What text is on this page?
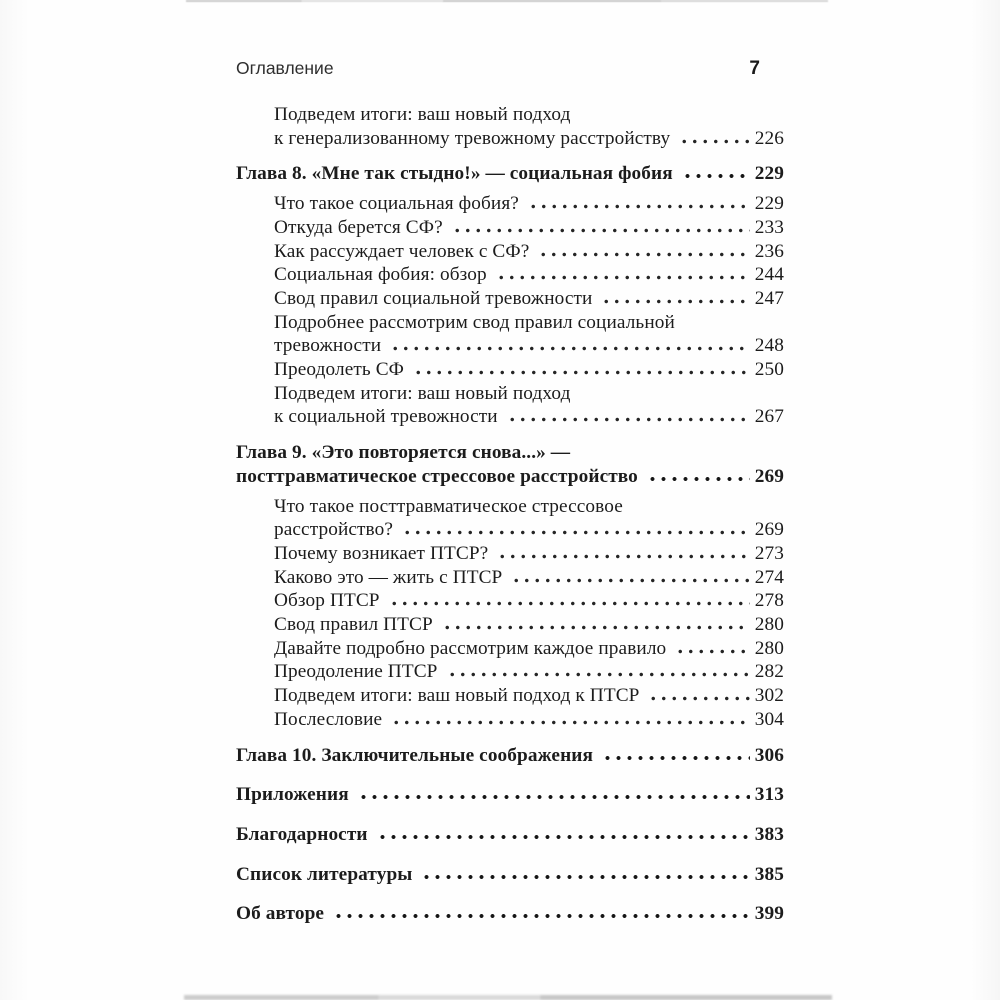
Оглавление	7
Подведем итоги: ваш новый подход
к генерализованному тревожному расстройству	226
Глава 8. «Мне так стыдно!» — социальная фобия	229
Что такое социальная фобия?	229
Откуда берется СФ?	233
Как рассуждает человек с СФ?	236
Социальная фобия: обзор	244
Свод правил социальной тревожности	247
Подробнее рассмотрим свод правил социальной
тревожности	248
Преодолеть СФ	250
Подведем итоги: ваш новый подход
к социальной тревожности	267
Глава 9. «Это повторяется снова...» —
посттравматическое стрессовое расстройство	269
Что такое посттравматическое стрессовое
расстройство?	269
Почему возникает ПТСР?	273
Каково это — жить с ПТСР	274
Обзор ПТСР	278
Свод правил ПТСР	280
Давайте подробно рассмотрим каждое правило	280
Преодоление ПТСР	282
Подведем итоги: ваш новый подход к ПТСР	302
Послесловие	304
Глава 10. Заключительные соображения	306
Приложения	313
Благодарности	383
Список литературы	385
Об авторе	399
